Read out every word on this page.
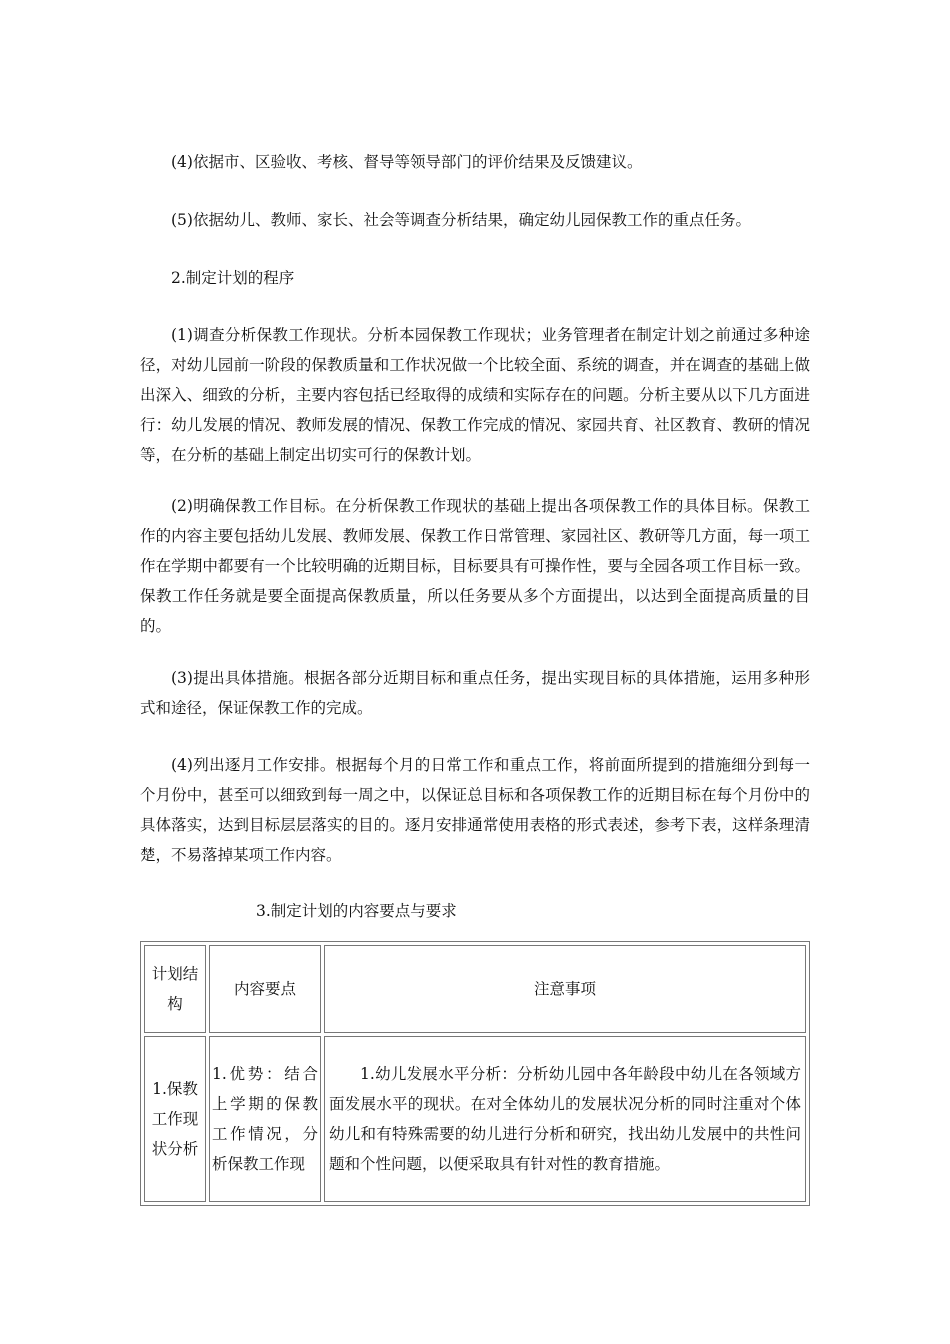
(4)依据市、区验收、考核、督导等领导部门的评价结果及反馈建议。

(5)依据幼儿、教师、家长、社会等调查分析结果，确定幼儿园保教工作的重点任务。

2.制定计划的程序

(1)调查分析保教工作现状。分析本园保教工作现状；业务管理者在制定计划之前通过多种途径，对幼儿园前一阶段的保教质量和工作状况做一个比较全面、系统的调查，并在调查的基础上做出深入、细致的分析，主要内容包括已经取得的成绩和实际存在的问题。分析主要从以下几方面进行：幼儿发展的情况、教师发展的情况、保教工作完成的情况、家园共育、社区教育、教研的情况等，在分析的基础上制定出切实可行的保教计划。

(2)明确保教工作目标。在分析保教工作现状的基础上提出各项保教工作的具体目标。保教工作的内容主要包括幼儿发展、教师发展、保教工作日常管理、家园社区、教研等几方面，每一项工作在学期中都要有一个比较明确的近期目标，目标要具有可操作性，要与全园各项工作目标一致。保教工作任务就是要全面提高保教质量，所以任务要从多个方面提出，以达到全面提高质量的目的。

(3)提出具体措施。根据各部分近期目标和重点任务，提出实现目标的具体措施，运用多种形式和途径，保证保教工作的完成。

(4)列出逐月工作安排。根据每个月的日常工作和重点工作，将前面所提到的措施细分到每一个月份中，甚至可以细致到每一周之中，以保证总目标和各项保教工作的近期目标在每个月份中的具体落实，达到目标层层落实的目的。逐月安排通常使用表格的形式表述，参考下表，这样条理清楚，不易落掉某项工作内容。

3.制定计划的内容要点与要求

计划结构	内容要点	注意事项
1.保教工作现状分析	1.优势：结合上学期的保教工作情况，分析保教工作现	1.幼儿发展水平分析：分析幼儿园中各年龄段中幼儿在各领域方面发展水平的现状。在对全体幼儿的发展状况分析的同时注重对个体幼儿和有特殊需要的幼儿进行分析和研究，找出幼儿发展中的共性问题和个性问题，以便采取具有针对性的教育措施。
